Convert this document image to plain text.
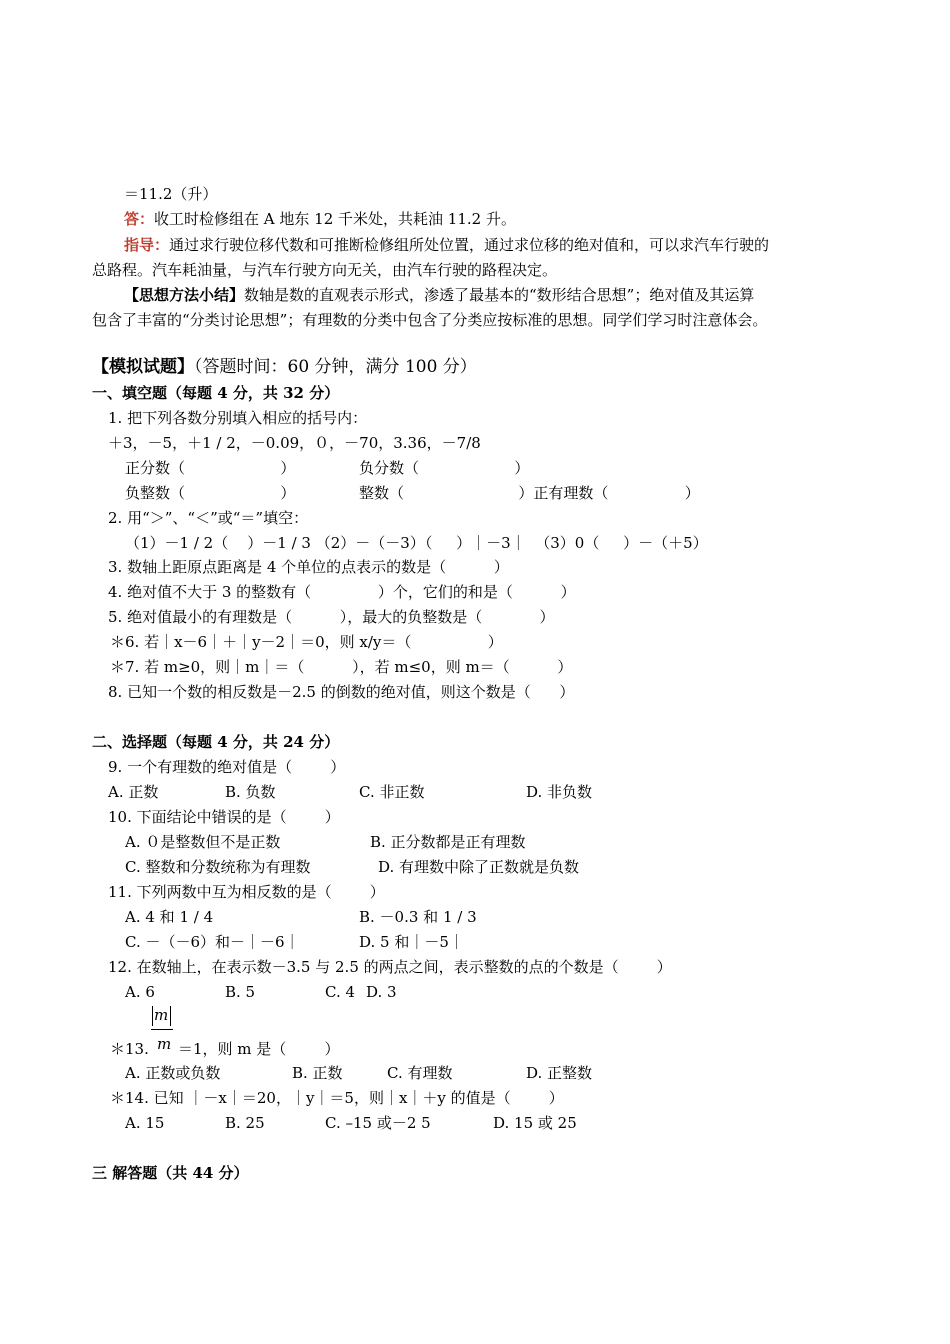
＝11.2（升）
答：收工时检修组在 A 地东 12 千米处，共耗油 11.2 升。
指导：通过求行驶位移代数和可推断检修组所处位置，通过求位移的绝对值和，可以求汽车行驶的
总路程。汽车耗油量，与汽车行驶方向无关，由汽车行驶的路程决定。
【思想方法小结】数轴是数的直观表示形式，渗透了最基本的“数形结合思想”；绝对值及其运算
包含了丰富的“分类讨论思想”；有理数的分类中包含了分类应按标准的思想。同学们学习时注意体会。
【模拟试题】（答题时间：60 分钟，满分 100 分）
一、填空题（每题 4 分，共 32 分）
1. 把下列各数分别填入相应的括号内：
＋3，－5，＋1 / 2，－0.09，０，－70，3.36，－7/8
正分数（                    ）	负分数（                    ）
负整数（                    ）	整数（                        ）正有理数（                ）
2. 用“＞”、“＜”或“＝”填空：
（1）－1 / 2（    ）－1 / 3 （2）－（－3）（     ）｜－3｜  （3）0（     ）－（＋5）
3. 数轴上距原点距离是 4 个单位的点表示的数是（          ）
4. 绝对值不大于 3 的整数有（              ）个，它们的和是（          ）
5. 绝对值最小的有理数是（          ），最大的负整数是（            ）
＊6. 若｜x－6｜＋｜y－2｜＝0，则 x/y＝（                ）
＊7. 若 m≥0，则｜m｜＝（          ），若 m≤0，则 m＝（          ）
8. 已知一个数的相反数是－2.5 的倒数的绝对值，则这个数是（      ）
二、选择题（每题 4 分，共 24 分）
9. 一个有理数的绝对值是（        ）
A. 正数	B. 负数	C. 非正数	D. 非负数
10. 下面结论中错误的是（        ）
A. ０是整数但不是正数	B. 正分数都是正有理数
C. 整数和分数统称为有理数	D. 有理数中除了正数就是负数
11. 下列两数中互为相反数的是（        ）
A. 4 和 1 / 4	B. －0.3 和 1 / 3
C. －（－6）和－｜－6｜	D. 5 和｜－5｜
12. 在数轴上，在表示数－3.5 与 2.5 的两点之间，表示整数的点的个数是（        ）
A. 6	B. 5	C. 4 D. 3
m
m
＊13. ＝1，则 m 是（        ）
A. 正数或负数	B. 正数	C. 有理数	D. 正整数
＊14. 已知 ｜－x｜＝20，｜y｜＝5，则｜x｜＋y 的值是（        ）
A. 15	B. 25	C. –15 或－2 5	D. 15 或 25
三 解答题（共 44 分）
